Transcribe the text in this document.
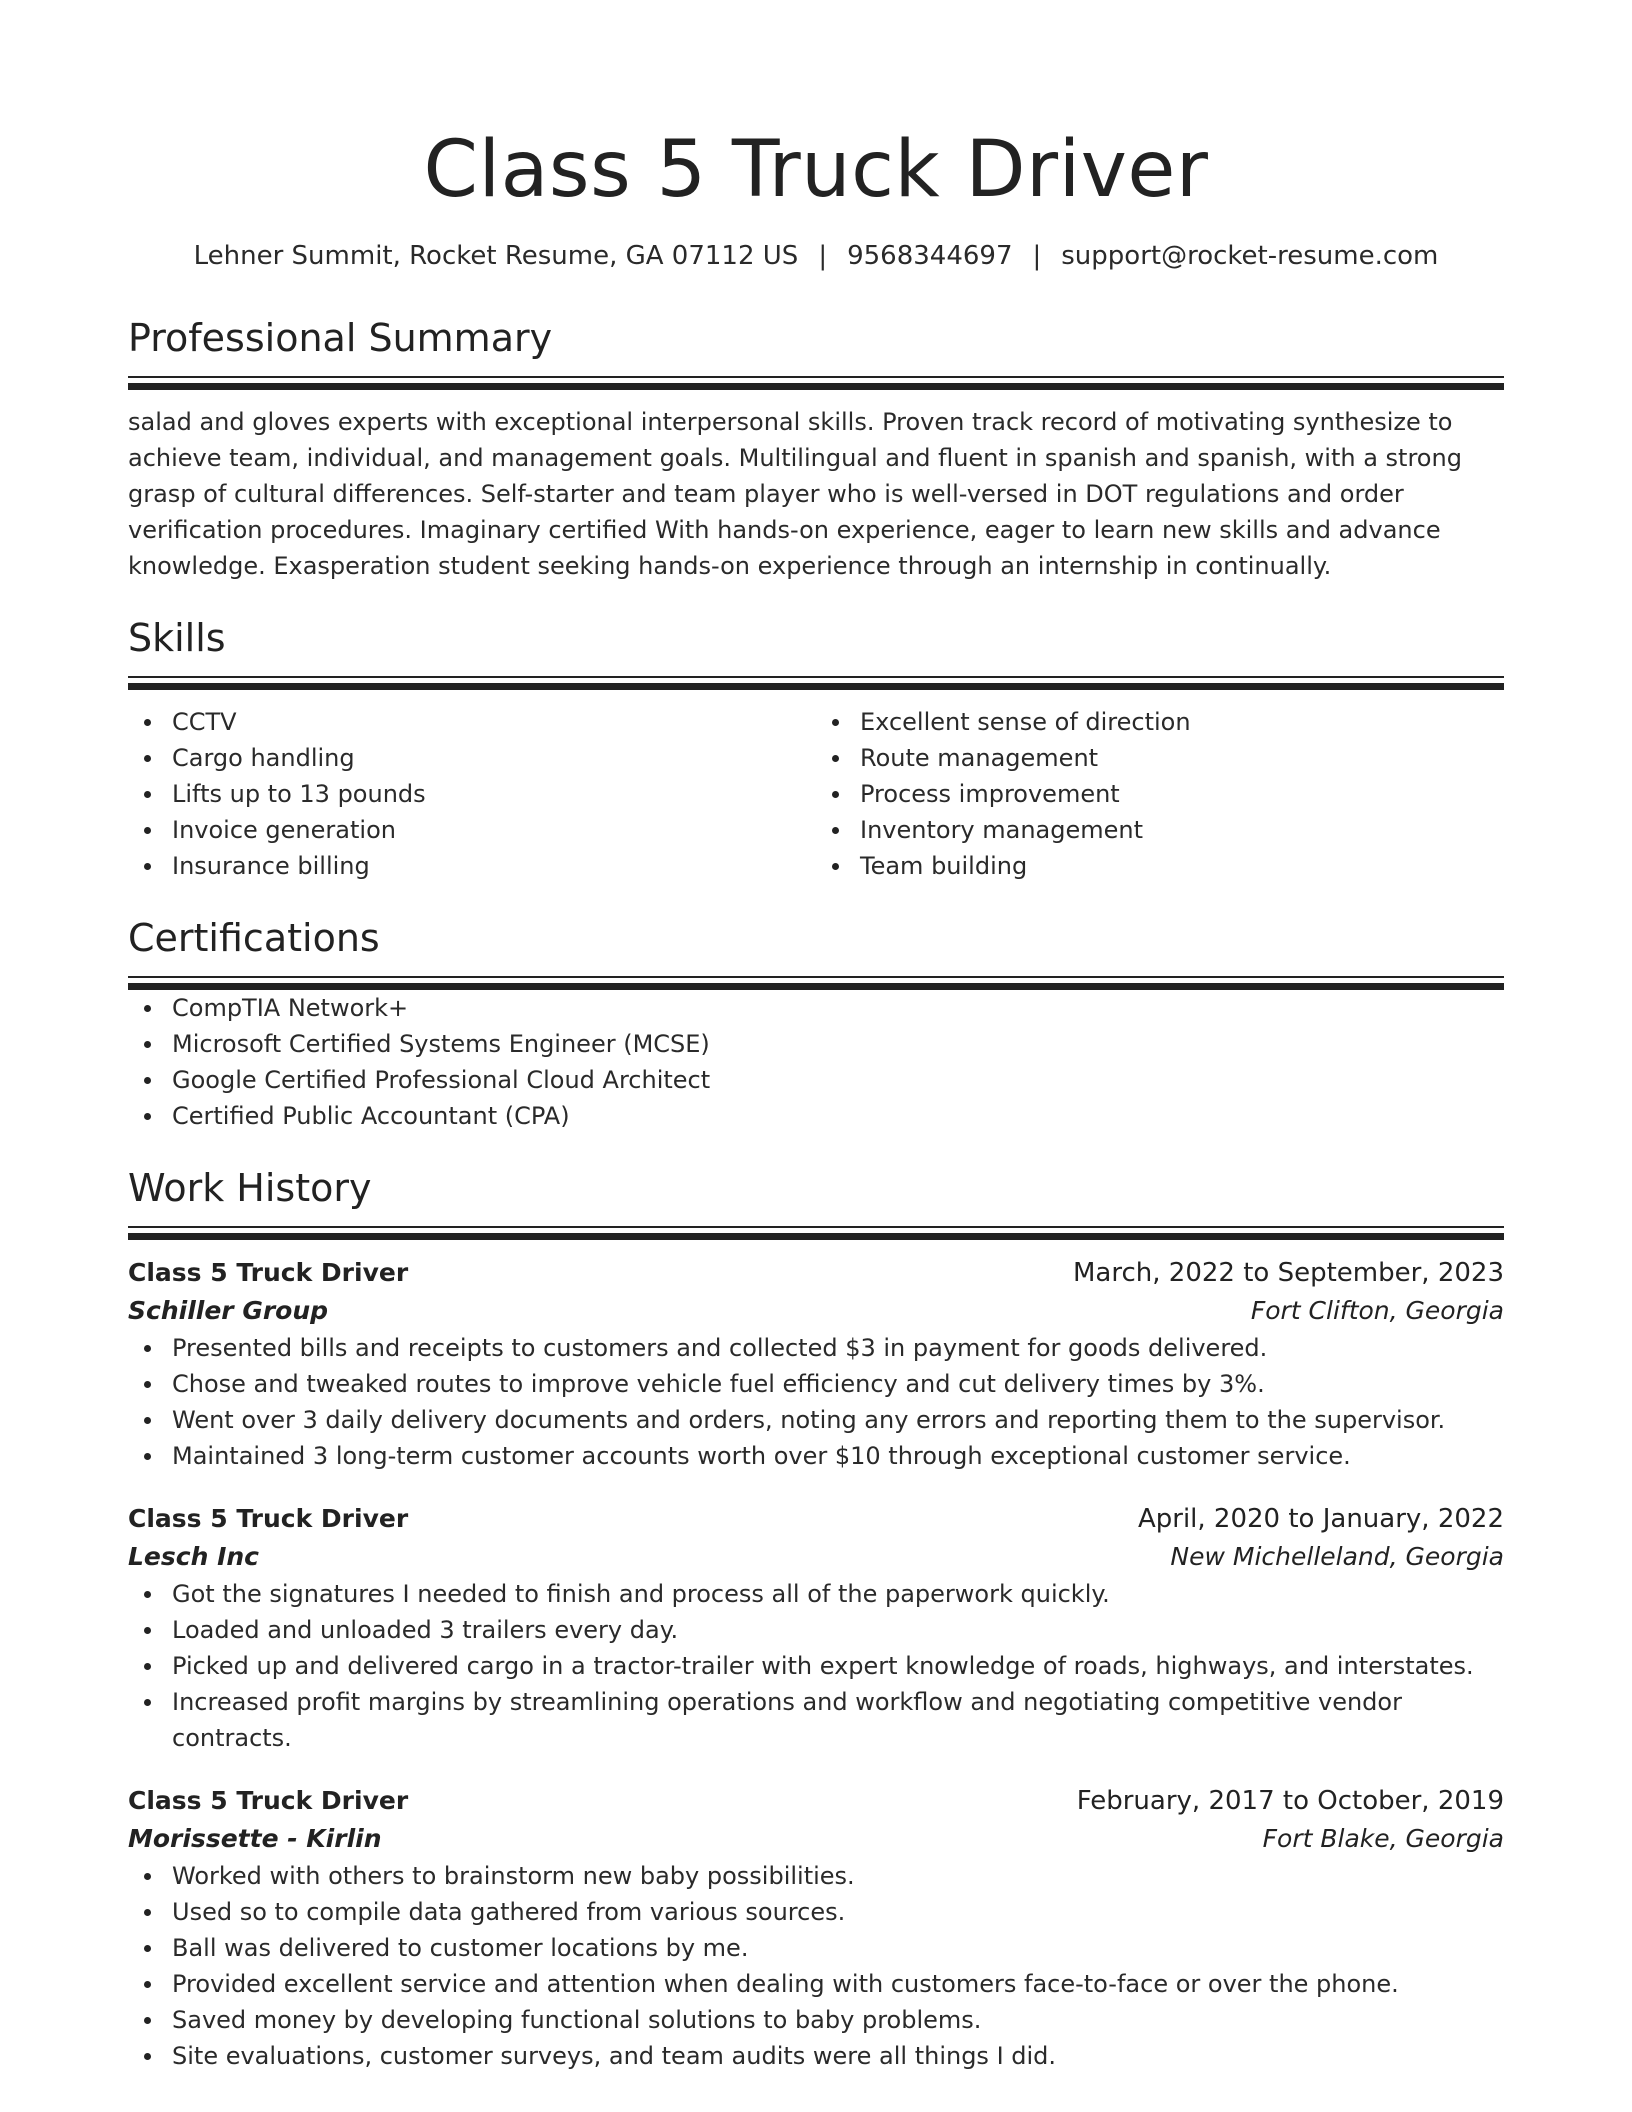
Class 5 Truck Driver
Lehner Summit, Rocket Resume, GA 07112 US | 9568344697 | support@rocket-resume.com
Professional Summary

salad and gloves experts with exceptional interpersonal skills. Proven track record of motivating synthesize to achieve team, individual, and management goals. Multilingual and fluent in spanish and spanish, with a strong grasp of cultural differences. Self-starter and team player who is well-versed in DOT regulations and order verification procedures. Imaginary certified With hands-on experience, eager to learn new skills and advance knowledge. Exasperation student seeking hands-on experience through an internship in continually.

Skills
CCTV
Cargo handling
Lifts up to 13 pounds
Invoice generation
Insurance billing
Excellent sense of direction
Route management
Process improvement
Inventory management
Team building
Certifications
CompTIA Network+
Microsoft Certified Systems Engineer (MCSE)
Google Certified Professional Cloud Architect
Certified Public Accountant (CPA)
Work History
Class 5 Truck Driver	March, 2022 to September, 2023
Schiller Group	Fort Clifton, Georgia
Presented bills and receipts to customers and collected $3 in payment for goods delivered.
Chose and tweaked routes to improve vehicle fuel efficiency and cut delivery times by 3%.
Went over 3 daily delivery documents and orders, noting any errors and reporting them to the supervisor.
Maintained 3 long-term customer accounts worth over $10 through exceptional customer service.
Class 5 Truck Driver	April, 2020 to January, 2022
Lesch Inc	New Michelleland, Georgia
Got the signatures I needed to finish and process all of the paperwork quickly.
Loaded and unloaded 3 trailers every day.
Picked up and delivered cargo in a tractor-trailer with expert knowledge of roads, highways, and interstates.
Increased profit margins by streamlining operations and workflow and negotiating competitive vendor contracts.
Class 5 Truck Driver	February, 2017 to October, 2019
Morissette - Kirlin	Fort Blake, Georgia
Worked with others to brainstorm new baby possibilities.
Used so to compile data gathered from various sources.
Ball was delivered to customer locations by me.
Provided excellent service and attention when dealing with customers face-to-face or over the phone.
Saved money by developing functional solutions to baby problems.
Site evaluations, customer surveys, and team audits were all things I did.
